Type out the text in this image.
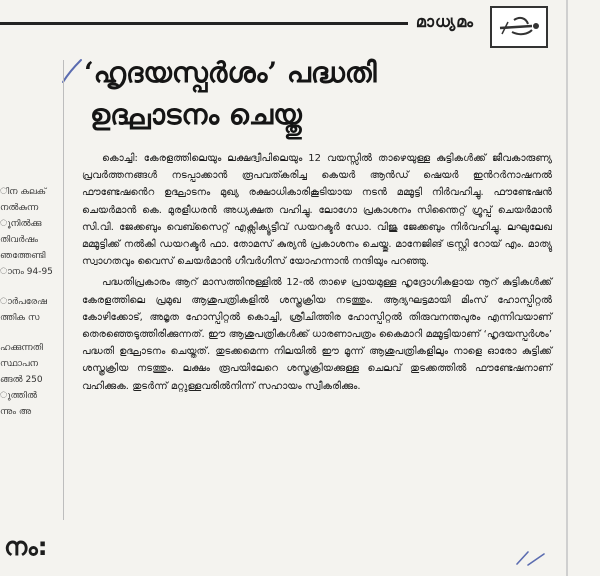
മാധ്യമം
ിന കലക്
നൽകുന്ന
ൂനിൽക്കു
തിവർഷം
ഞത്തേണ്ടി
ാനം 94-95
ാർപരേഷ
ത്തിക സ
ഹക്കുന്നതി
സ്ഥാപന
ങ്ങൽ 250
ുത്തിൽ
ന്നും അ
നം:
‘ഹൃദയസ്പർശം’ പദ്ധതി
ഉദ്ഘാടനം ചെയ്തു

കൊച്ചി: കേരളത്തിലെയും ലക്ഷദ്വീപിലെയും 12 വയസ്സിൽ താഴെയുള്ള കുട്ടികൾക്ക് ജീവകാരുണ്യ പ്രവർത്തനങ്ങൾ നടപ്പാക്കാൻ രൂപവത്കരിച്ച കെയർ ആൻഡ് ഷെയർ ഇൻറർനാഷനൽ ഫൗണ്ടേഷൻെറ ഉദ്ഘാടനം മുഖ്യ രക്ഷാധികാരികൂടിയായ നടൻ മമ്മൂട്ടി നിർവഹിച്ചു. ഫൗണ്ടേഷൻ ചെയർമാൻ കെ. മുരളീധരൻ അധ്യക്ഷത വഹിച്ചു. ലോഗോ പ്രകാശനം സിന്തൈറ്റ് ഗ്രൂപ്പ് ചെയർമാൻ സി.വി. ജേക്കബും വെബ്സൈറ്റ് എക്സിക്യൂട്ടീവ് ഡയറക്ടർ ഡോ. വിജു ജേക്കബും നിർവഹിച്ചു. ലഘുലേഖ മമ്മൂട്ടിക്ക് നൽകി ഡയറക്ടർ ഫാ. തോമസ് കുര്യൻ പ്രകാശനം ചെയ്തു. മാനേജിങ് ട്രസ്റ്റി റോയ് എം. മാത്യു സ്വാഗതവും വൈസ് ചെയർമാൻ ഗീവർഗീസ് യോഹന്നാൻ നന്ദിയും പറഞ്ഞു.

പദ്ധതിപ്രകാരം ആറ് മാസത്തിനുള്ളിൽ 12-ൽ താഴെ പ്രായമുള്ള ഹൃദ്രോഗികളായ നൂറ് കുട്ടികൾക്ക് കേരളത്തിലെ പ്രമുഖ ആശുപത്രികളിൽ ശസ്ത്രക്രിയ നടത്തും. ആദ്യഘട്ടമായി മിംസ് ഹോസ്പിറ്റൽ കോഴിക്കോട്, അമൃത ഹോസ്പിറ്റൽ കൊച്ചി, ശ്രീചിത്തിര ഹോസ്പിറ്റൽ തിരുവനന്തപുരം എന്നിവയാണ് തെരഞ്ഞെടുത്തിരിക്കുന്നത്. ഈ ആശുപത്രികൾക്ക് ധാരണാപത്രം കൈമാറി മമ്മൂട്ടിയാണ് ‘ഹൃദയസ്പർശം’ പദ്ധതി ഉദ്ഘാടനം ചെയ്തത്. തുടക്കമെന്ന നിലയിൽ ഈ മൂന്ന് ആശുപത്രികളിലും നാളെ ഓരോ കുട്ടിക്ക് ശസ്ത്രക്രിയ നടത്തും. ലക്ഷം രൂപയിലേറെ ശസ്ത്രക്രിയക്കുള്ള ചെലവ് തുടക്കത്തിൽ ഫൗണ്ടേഷനാണ് വഹിക്കുക. തുടർന്ന് മറ്റുള്ളവരിൽനിന്ന് സഹായം സ്വീകരിക്കും.
